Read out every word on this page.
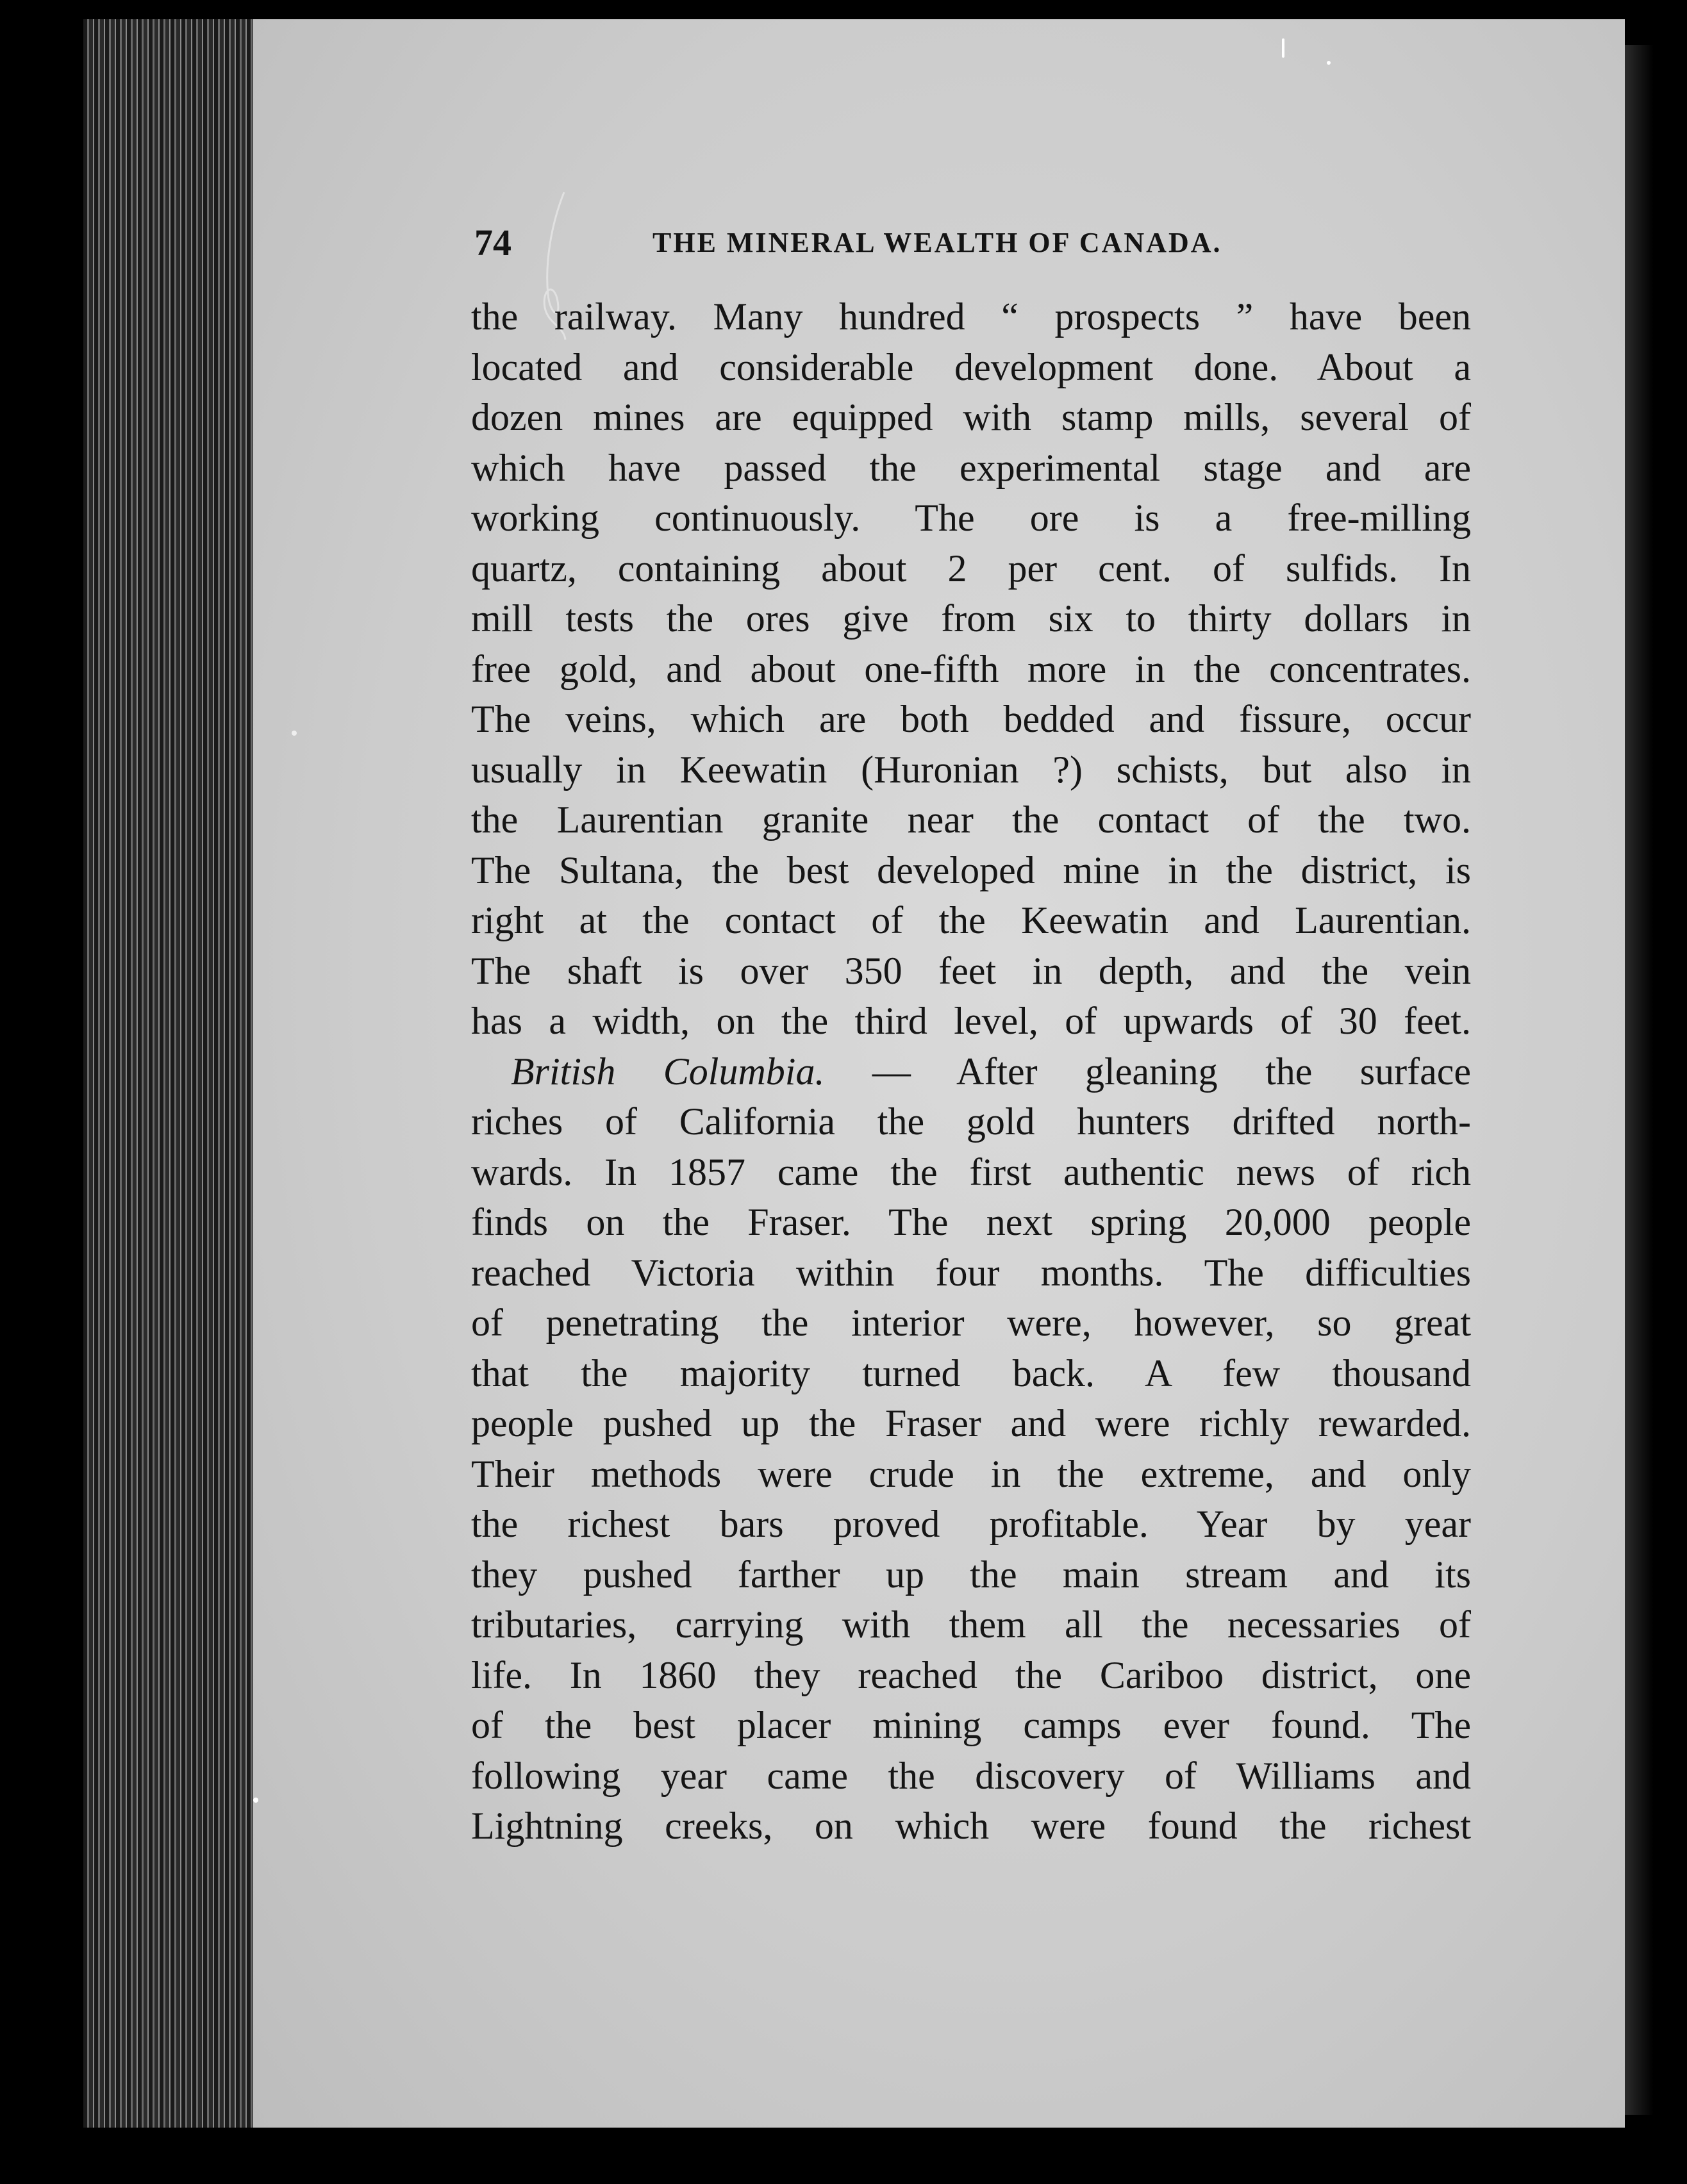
74	THE MINERAL WEALTH OF CANADA.
the railway. Many hundred “ prospects ” have been
located and considerable development done. About a
dozen mines are equipped with stamp mills, several of
which have passed the experimental stage and are
working continuously. The ore is a free-milling
quartz, containing about 2 per cent. of sulfids. In
mill tests the ores give from six to thirty dollars in
free gold, and about one-fifth more in the concentrates.
The veins, which are both bedded and fissure, occur
usually in Keewatin (Huronian ?) schists, but also in
the Laurentian granite near the contact of the two.
The Sultana, the best developed mine in the district, is
right at the contact of the Keewatin and Laurentian.
The shaft is over 350 feet in depth, and the vein
has a width, on the third level, of upwards of 30 feet.
British Columbia. — After gleaning the surface
riches of California the gold hunters drifted north-
wards. In 1857 came the first authentic news of rich
finds on the Fraser. The next spring 20,000 people
reached Victoria within four months. The difficulties
of penetrating the interior were, however, so great
that the majority turned back. A few thousand
people pushed up the Fraser and were richly rewarded.
Their methods were crude in the extreme, and only
the richest bars proved profitable. Year by year
they pushed farther up the main stream and its
tributaries, carrying with them all the necessaries of
life. In 1860 they reached the Cariboo district, one
of the best placer mining camps ever found. The
following year came the discovery of Williams and
Lightning creeks, on which were found the richest
